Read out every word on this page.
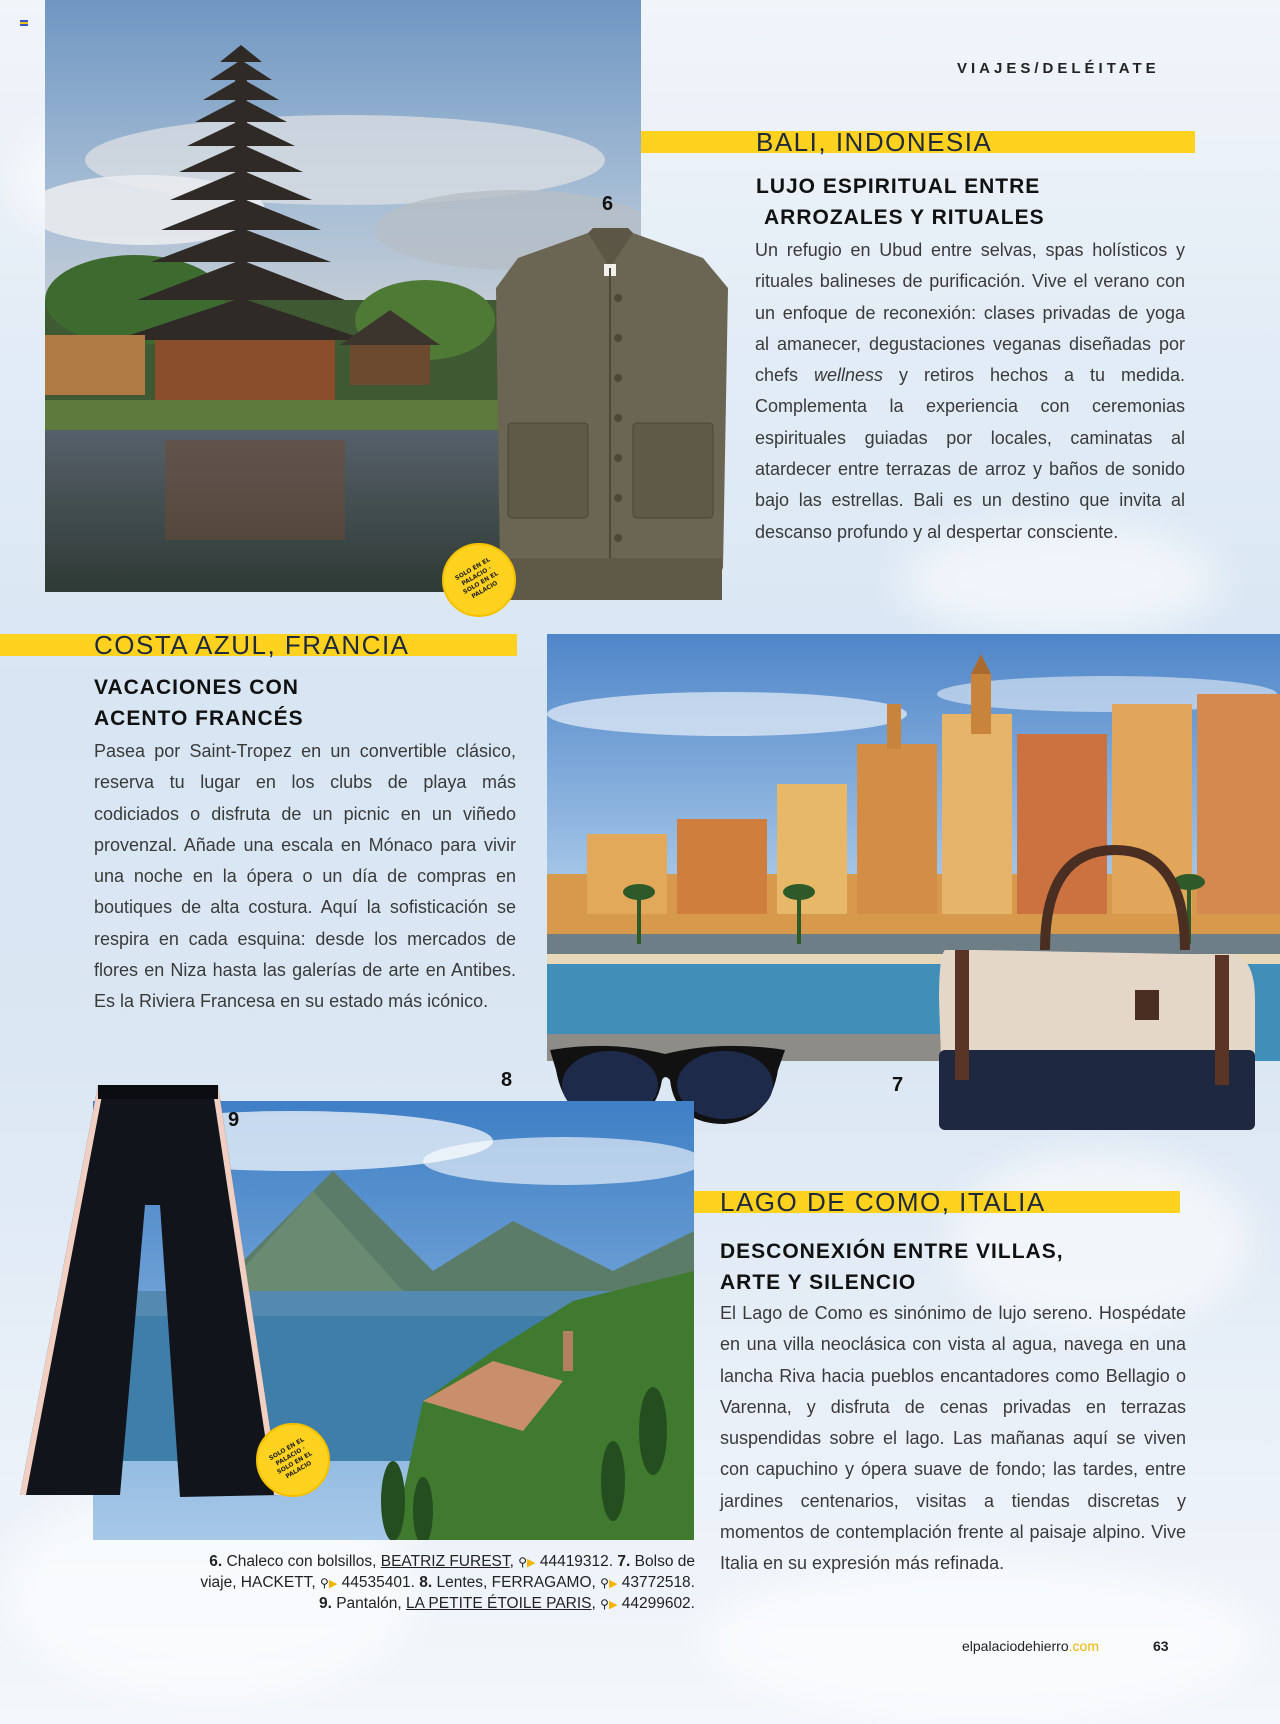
VIAJES/DELÉITATE
6
SOLO EN EL PALACIO · SOLO EN EL PALACIO
BALI, INDONESIA
LUJO ESPIRITUAL ENTRE
ARROZALES Y RITUALES
Un refugio en Ubud entre selvas, spas holísticos y rituales balineses de purificación. Vive el verano con un enfoque de reconexión: clases privadas de yoga al amanecer, degustaciones veganas diseñadas por chefs wellness y retiros hechos a tu medida. Complementa la experiencia con ceremonias espirituales guiadas por locales, caminatas al atardecer entre terrazas de arroz y baños de sonido bajo las estrellas. Bali es un destino que invita al descanso profundo y al despertar consciente.
COSTA AZUL, FRANCIA
VACACIONES CON
ACENTO FRANCÉS
Pasea por Saint-Tropez en un convertible clásico, reserva tu lugar en los clubs de playa más codiciados o disfruta de un picnic en un viñedo provenzal. Añade una escala en Mónaco para vivir una noche en la ópera o un día de compras en boutiques de alta costura. Aquí la sofisticación se respira en cada esquina: desde los mercados de flores en Niza hasta las galerías de arte en Antibes. Es la Riviera Francesa en su estado más icónico.
8	7
9
SOLO EN EL PALACIO · SOLO EN EL PALACIO
LAGO DE COMO, ITALIA
DESCONEXIÓN ENTRE VILLAS,
ARTE Y SILENCIO
El Lago de Como es sinónimo de lujo sereno. Hospédate en una villa neoclásica con vista al agua, navega en una lancha Riva hacia pueblos encantadores como Bellagio o Varenna, y disfruta de cenas privadas en terrazas suspendidas sobre el lago. Las mañanas aquí se viven con capuchino y ópera suave de fondo; las tardes, entre jardines centenarios, visitas a tiendas discretas y momentos de contemplación frente al paisaje alpino. Vive Italia en su expresión más refinada.
6. Chaleco con bolsillos, BEATRIZ FUREST, ⚲▶ 44419312. 7. Bolso de
viaje, HACKETT, ⚲▶ 44535401. 8. Lentes, FERRAGAMO, ⚲▶ 43772518.
9. Pantalón, LA PETITE ÉTOILE PARIS, ⚲▶ 44299602.
elpalaciodehierro.com	63
